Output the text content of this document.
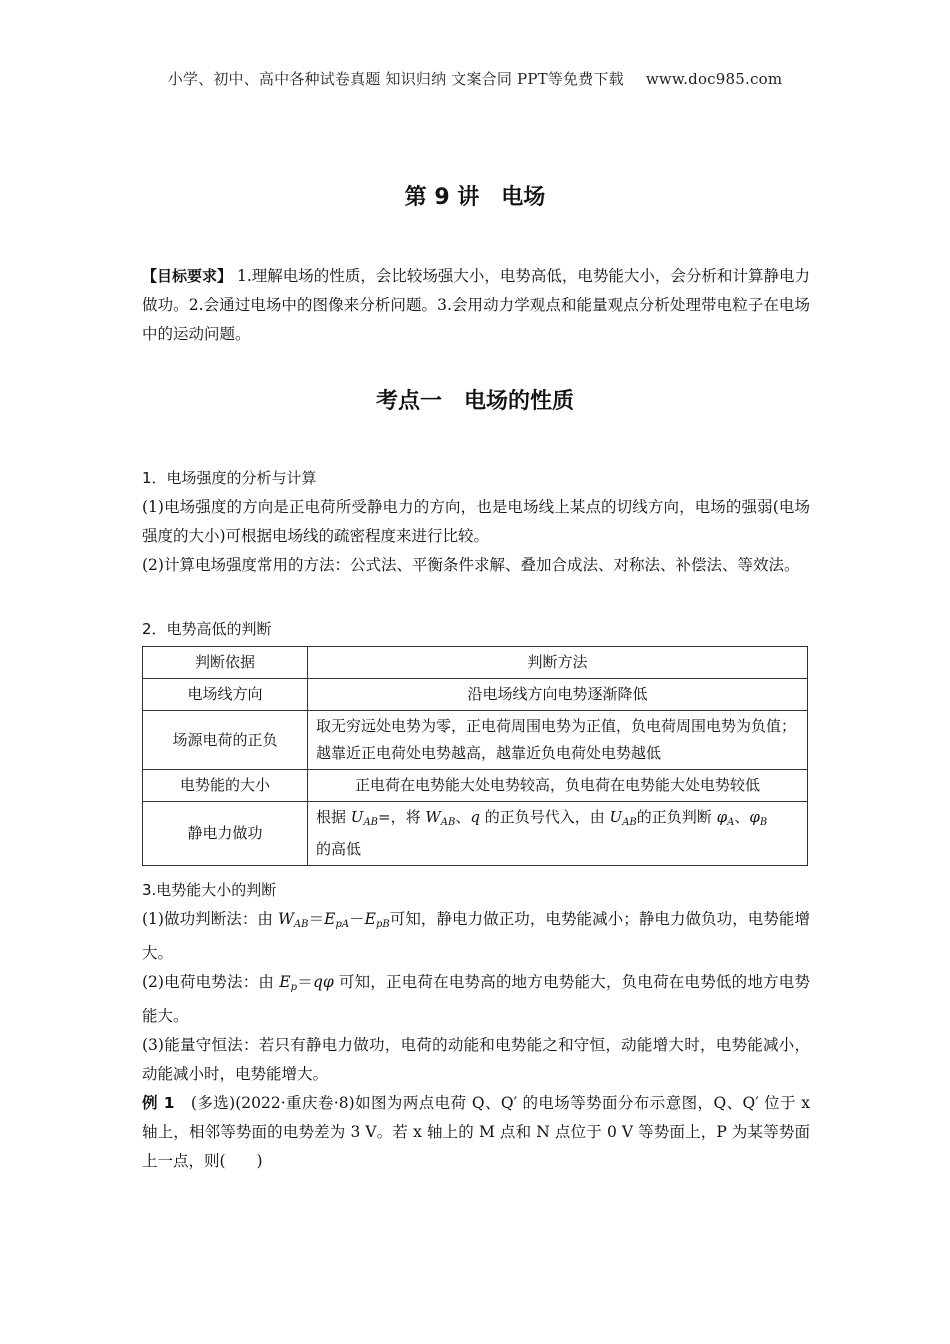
小学、初中、高中各种试卷真题 知识归纳 文案合同 PPT等免费下载 www.doc985.com
第 9 讲　电场
【目标要求】 1.理解电场的性质，会比较场强大小，电势高低，电势能大小，会分析和计算静电力做功。2.会通过电场中的图像来分析问题。3.会用动力学观点和能量观点分析处理带电粒子在电场中的运动问题。
考点一　电场的性质
1．电场强度的分析与计算
(1)电场强度的方向是正电荷所受静电力的方向，也是电场线上某点的切线方向，电场的强弱(电场强度的大小)可根据电场线的疏密程度来进行比较。
(2)计算电场强度常用的方法：公式法、平衡条件求解、叠加合成法、对称法、补偿法、等效法。
2．电势高低的判断
判断依据	判断方法
电场线方向	沿电场线方向电势逐渐降低
场源电荷的正负	取无穷远处电势为零，正电荷周围电势为正值，负电荷周围电势为负值；越靠近正电荷处电势越高，越靠近负电荷处电势越低
电势能的大小	正电荷在电势能大处电势较高，负电荷在电势能大处电势较低
静电力做功	根据 $U_{AB}=$，将 $W_{AB}$、q 的正负号代入，由 $U_{AB}$的正负判断 $\varphi_A$、$\varphi_B$
的高低
3.电势能大小的判断
(1)做功判断法：由 $W_{AB}=E_{pA}-E_{pB}$可知，静电力做正功，电势能减小；静电力做负功，电势能增大。
(2)电荷电势法：由 $E_p=q\varphi$ 可知，正电荷在电势高的地方电势能大，负电荷在电势低的地方电势能大。
(3)能量守恒法：若只有静电力做功，电荷的动能和电势能之和守恒，动能增大时，电势能减小，动能减小时，电势能增大。
例 1　(多选)(2022·重庆卷·8)如图为两点电荷 Q、Q′ 的电场等势面分布示意图，Q、Q′ 位于 x 轴上，相邻等势面的电势差为 3 V。若 x 轴上的 M 点和 N 点位于 0 V 等势面上，P 为某等势面上一点，则(　　)
